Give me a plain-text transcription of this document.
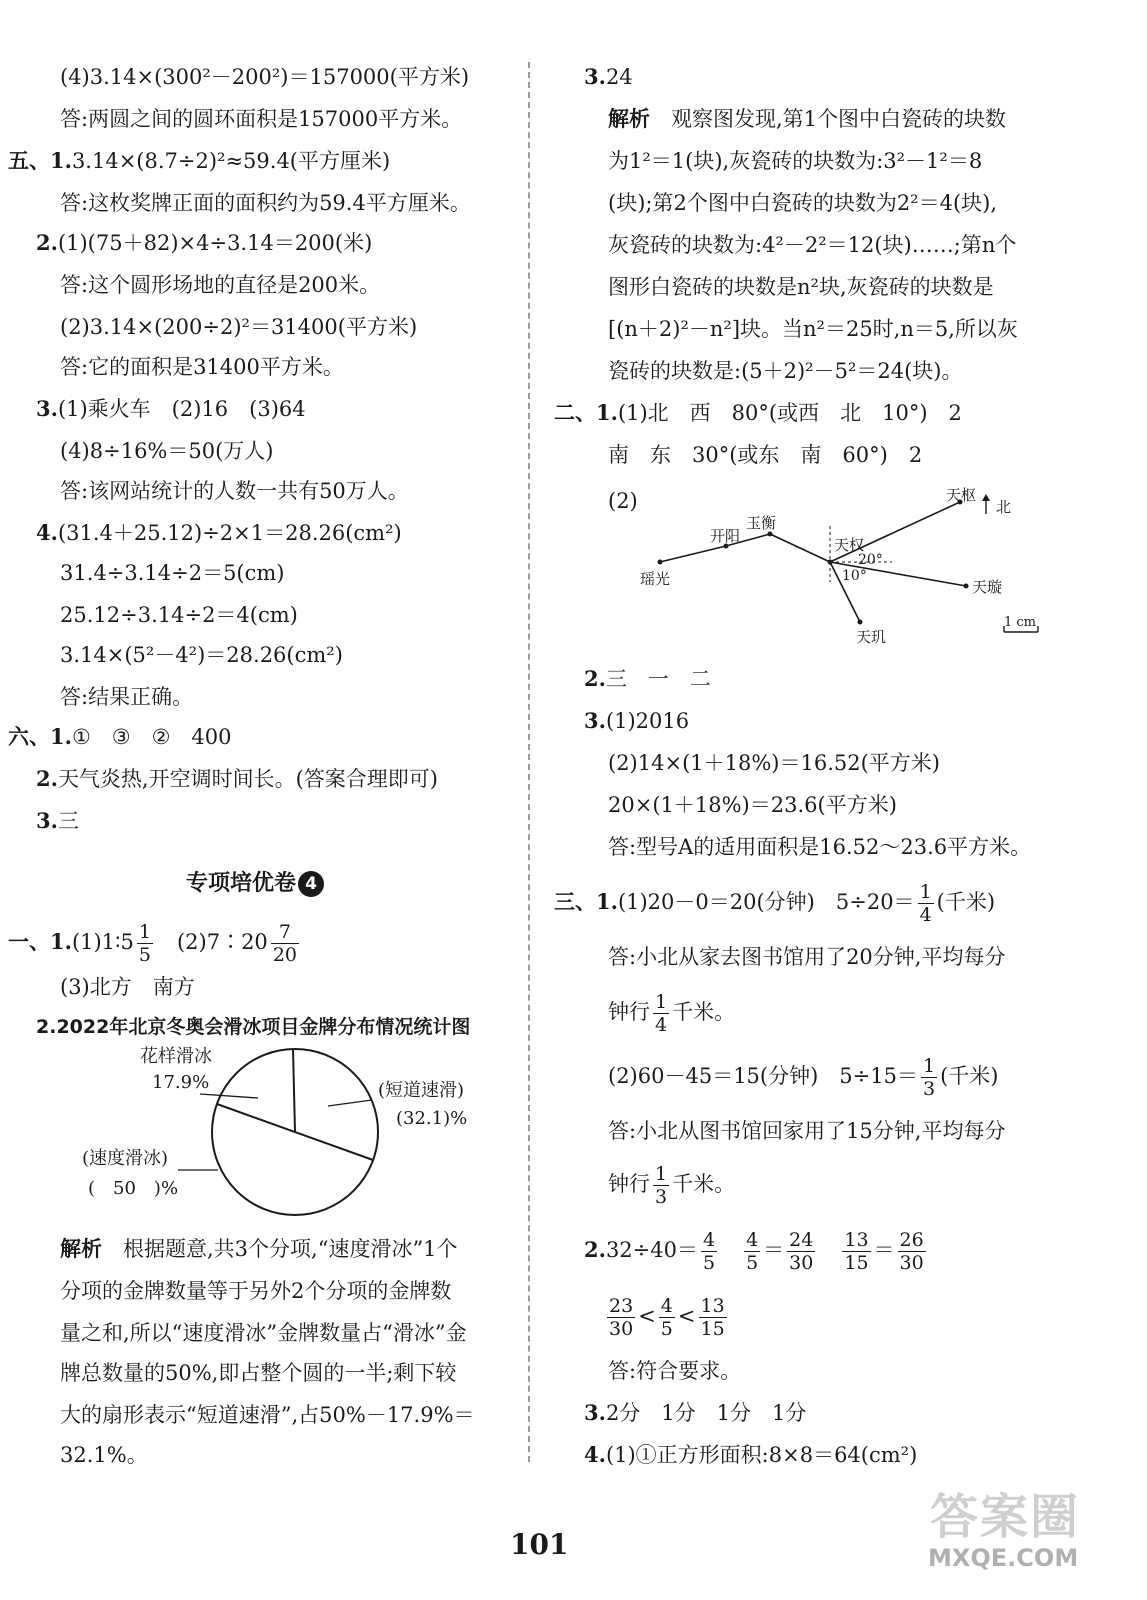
(4)3.14×(300²－200²)＝157000(平方米)
答:两圆之间的圆环面积是157000平方米。
五、1.3.14×(8.7÷2)²≈59.4(平方厘米)
答:这枚奖牌正面的面积约为59.4平方厘米。
2.(1)(75＋82)×4÷3.14＝200(米)
答:这个圆形场地的直径是200米。
(2)3.14×(200÷2)²＝31400(平方米)
答:它的面积是31400平方米。
3.(1)乘火车　(2)16　(3)64
(4)8÷16%＝50(万人)
答:该网站统计的人数一共有50万人。
4.(31.4＋25.12)÷2×1＝28.26(cm²)
31.4÷3.14÷2＝5(cm)
25.12÷3.14÷2＝4(cm)
3.14×(5²－4²)＝28.26(cm²)
答:结果正确。
六、1.①　③　②　400
2.天气炎热,开空调时间长。(答案合理即可)
3.三
专项培优卷 4
一、1.(1)1∶5 $\frac{1}{5}$
　 (2)7∶20 $\frac{7}{20}$
(3)北方　南方
2.2022年北京冬奥会滑冰项目金牌分布情况统计图
花样滑冰
17.9%	(短道速滑)
(32.1)%
(速度滑冰)
(　50　)%
解析　 根据题意,共3个分项,“速度滑冰”1个
分项的金牌数量等于另外2个分项的金牌数
量之和,所以“速度滑冰”金牌数量占“滑冰”金
牌总数量的50%,即占整个圆的一半;剩下较
大的扇形表示“短道速滑”,占50%－17.9%＝
32.1%。
3.24
解析　 观察图发现,第1个图中白瓷砖的块数
为1²＝1(块),灰瓷砖的块数为:3²－1²＝8
(块);第2个图中白瓷砖的块数为2²＝4(块),
灰瓷砖的块数为:4²－2²＝12(块)……;第n个
图形白瓷砖的块数是n²块,灰瓷砖的块数是
[(n＋2)²－n²]块。当n²＝25时,n＝5,所以灰
瓷砖的块数是:(5＋2)²－5²＝24(块)。
二、1.(1)北　西　80°(或西　北　10°)　2
南　东　30°(或东　南　60°)　2
(2)	天枢
北
玉衡
开阳
瑶光
天权
20°
10°
天璇
天玑
1 cm
2.三　一　二
3.(1)2016
(2)14×(1＋18%)＝16.52(平方米)
20×(1＋18%)＝23.6(平方米)
答:型号A的适用面积是16.52～23.6平方米。
三、1.(1)20－0＝20(分钟)　$5\div 20= \frac{1}{4}$ (千米)
答:小北从家去图书馆用了20分钟,平均每分
钟行 $\frac{1}{4}$ 千米。
(2)60－45＝15(分钟)　$5\div 15= \frac{1}{3}$ (千米)
答:小北从图书馆回家用了15分钟,平均每分
钟行 $\frac{1}{3}$ 千米。
$2.32\div 40= \frac{4}{5}$
　 $\frac{4}{5} = \frac{24}{30}$
　 $\frac{13}{15} = \frac{26}{30}$
$\frac{23}{30} < \frac{4}{5} < \frac{13}{15}$
答:符合要求。
3.2分　1分　1分　1分
4.(1)①正方形面积:8×8＝64(cm²)
101	答案圈
MXQE.COM
